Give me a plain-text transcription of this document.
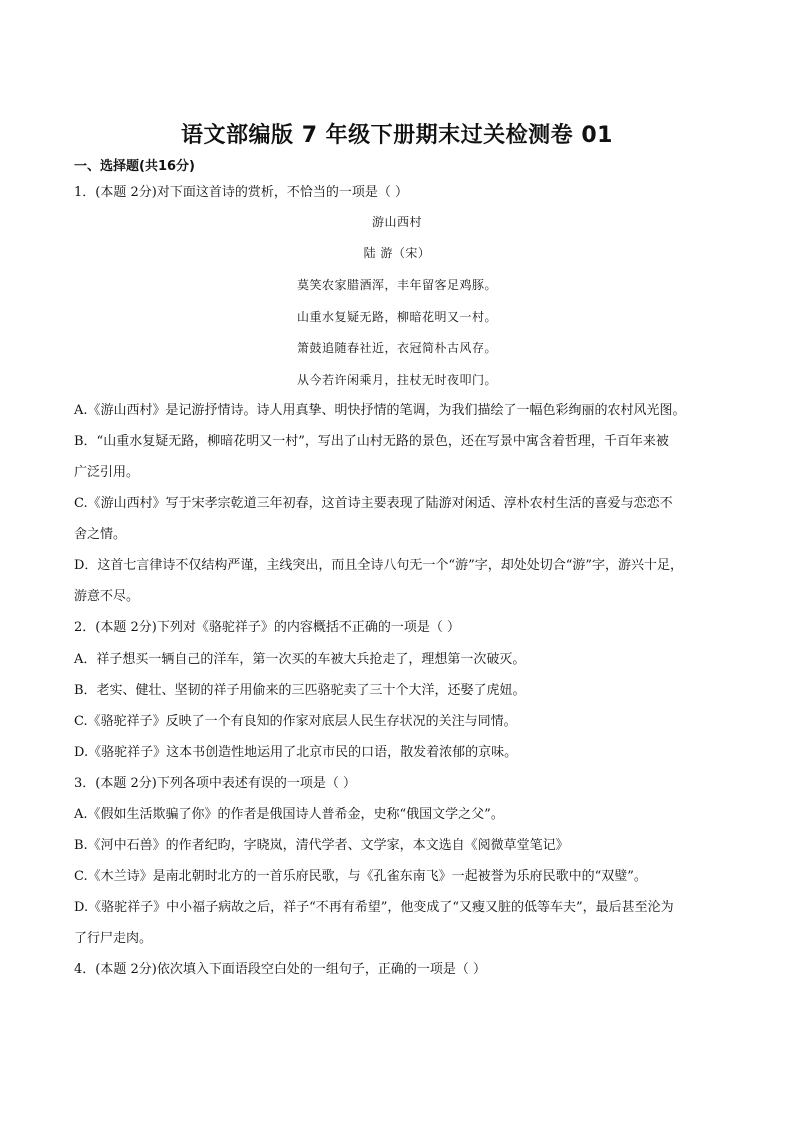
语文部编版 7 年级下册期末过关检测卷 01
一、选择题(共16分)
1．(本题 2分)对下面这首诗的赏析，不恰当的一项是（ ）
游山西村
陆 游（宋）
莫笑农家腊酒浑，丰年留客足鸡豚。
山重水复疑无路，柳暗花明又一村。
箫鼓追随春社近，衣冠简朴古风存。
从今若许闲乘月，拄杖无时夜叩门。
A.《游山西村》是记游抒情诗。诗人用真挚、明快抒情的笔调，为我们描绘了一幅色彩绚丽的农村风光图。
B．“山重水复疑无路，柳暗花明又一村”，写出了山村无路的景色，还在写景中寓含着哲理，千百年来被
广泛引用。
C.《游山西村》写于宋孝宗乾道三年初春，这首诗主要表现了陆游对闲适、淳朴农村生活的喜爱与恋恋不
舍之情。
D．这首七言律诗不仅结构严谨，主线突出，而且全诗八句无一个“游”字，却处处切合“游”字，游兴十足，
游意不尽。
2．(本题 2分)下列对《骆驼祥子》的内容概括不正确的一项是（ ）
A．祥子想买一辆自己的洋车，第一次买的车被大兵抢走了，理想第一次破灭。
B．老实、健壮、坚韧的祥子用偷来的三匹骆驼卖了三十个大洋，还娶了虎妞。
C.《骆驼祥子》反映了一个有良知的作家对底层人民生存状况的关注与同情。
D.《骆驼祥子》这本书创造性地运用了北京市民的口语，散发着浓郁的京味。
3．(本题 2分)下列各项中表述有误的一项是（ ）
A.《假如生活欺骗了你》的作者是俄国诗人普希金，史称“俄国文学之父”。
B.《河中石兽》的作者纪昀，字晓岚，清代学者、文学家，本文选自《阅微草堂笔记》
C.《木兰诗》是南北朝时北方的一首乐府民歌，与《孔雀东南飞》一起被誉为乐府民歌中的“双璧”。
D.《骆驼祥子》中小福子病故之后，祥子“不再有希望”，他变成了“又瘦又脏的低等车夫”，最后甚至沦为
了行尸走肉。
4．(本题 2分)依次填入下面语段空白处的一组句子，正确的一项是（ ）
